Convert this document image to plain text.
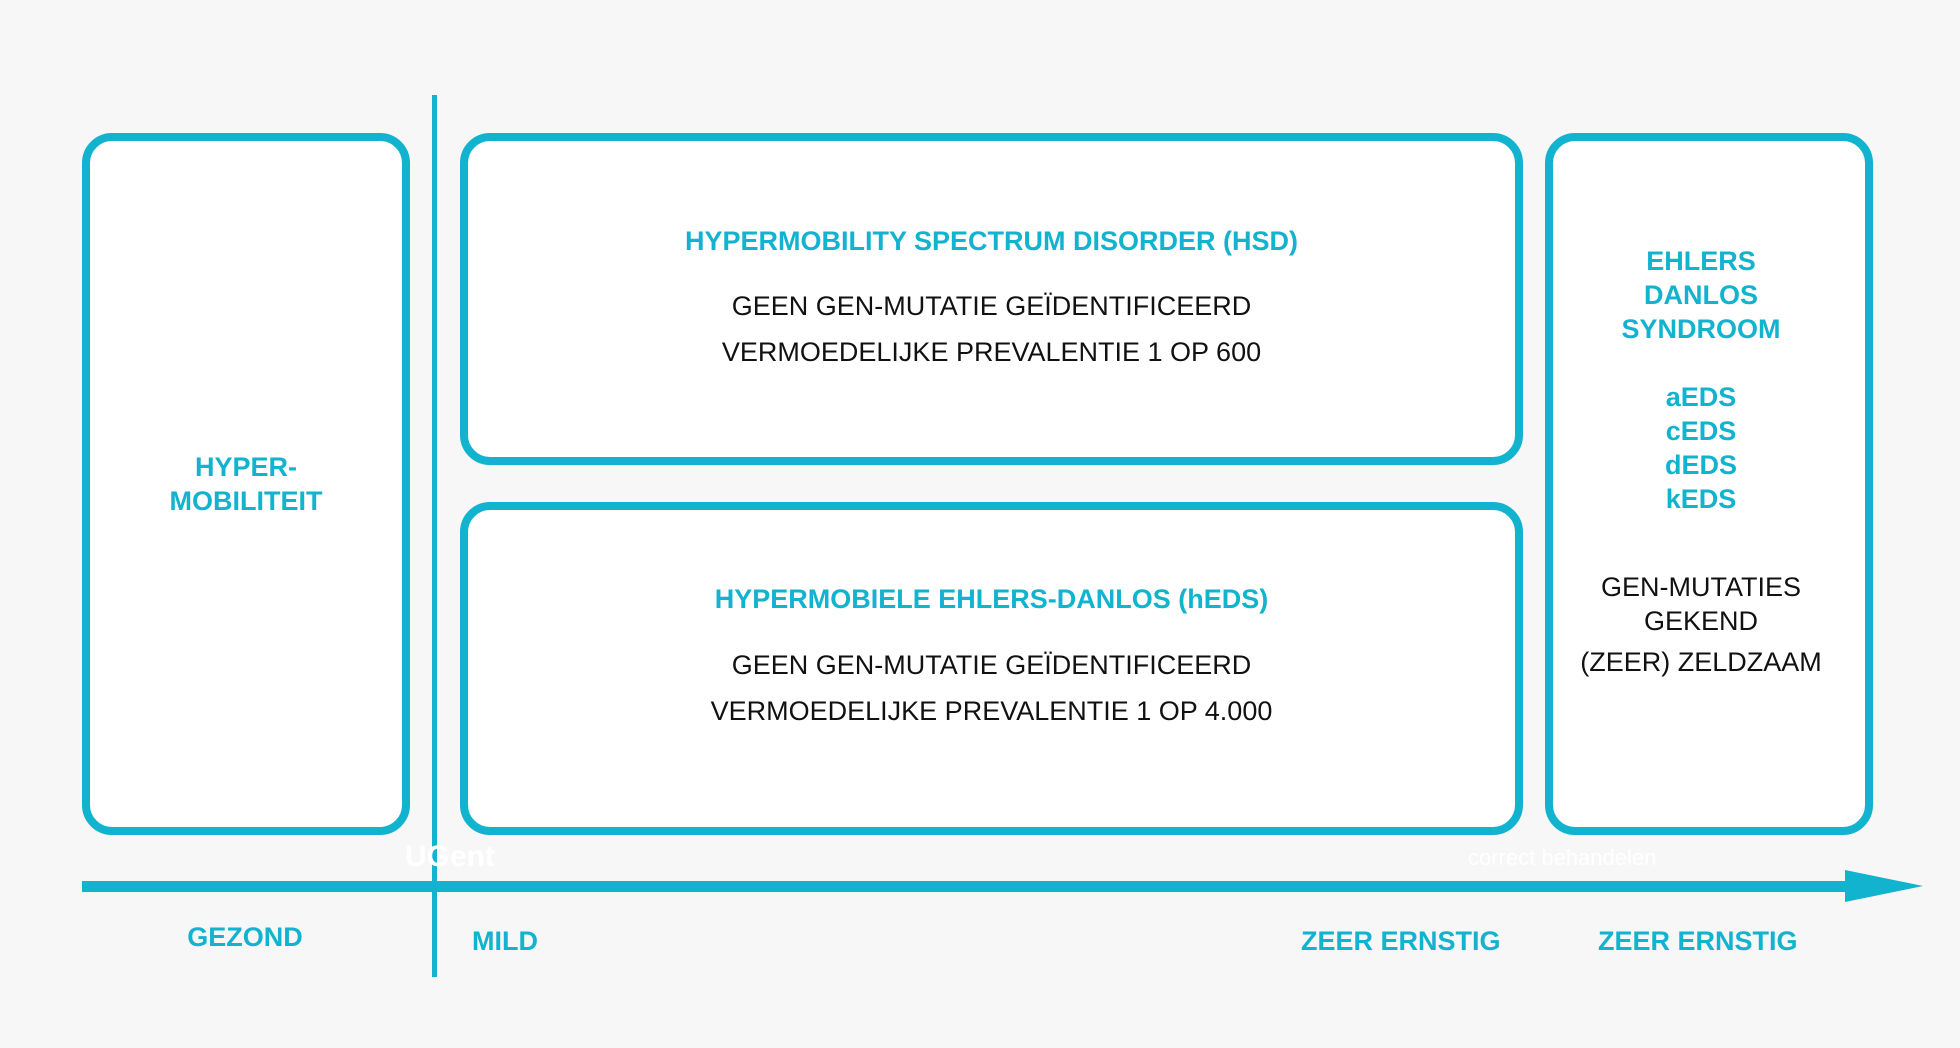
HYPER-
MOBILITEIT
HYPERMOBILITY SPECTRUM DISORDER (HSD)
GEEN GEN-MUTATIE GEÏDENTIFICEERD
VERMOEDELIJKE PREVALENTIE 1 OP 600
HYPERMOBIELE EHLERS-DANLOS (hEDS)
GEEN GEN-MUTATIE GEÏDENTIFICEERD
VERMOEDELIJKE PREVALENTIE 1 OP 4.000
EHLERS
DANLOS
SYNDROOM
aEDS
cEDS
dEDS
kEDS
GEN-MUTATIES
GEKEND
(ZEER) ZELDZAAM
UGent	correct behandelen
GEZOND	MILD	ZEER ERNSTIG	ZEER ERNSTIG
